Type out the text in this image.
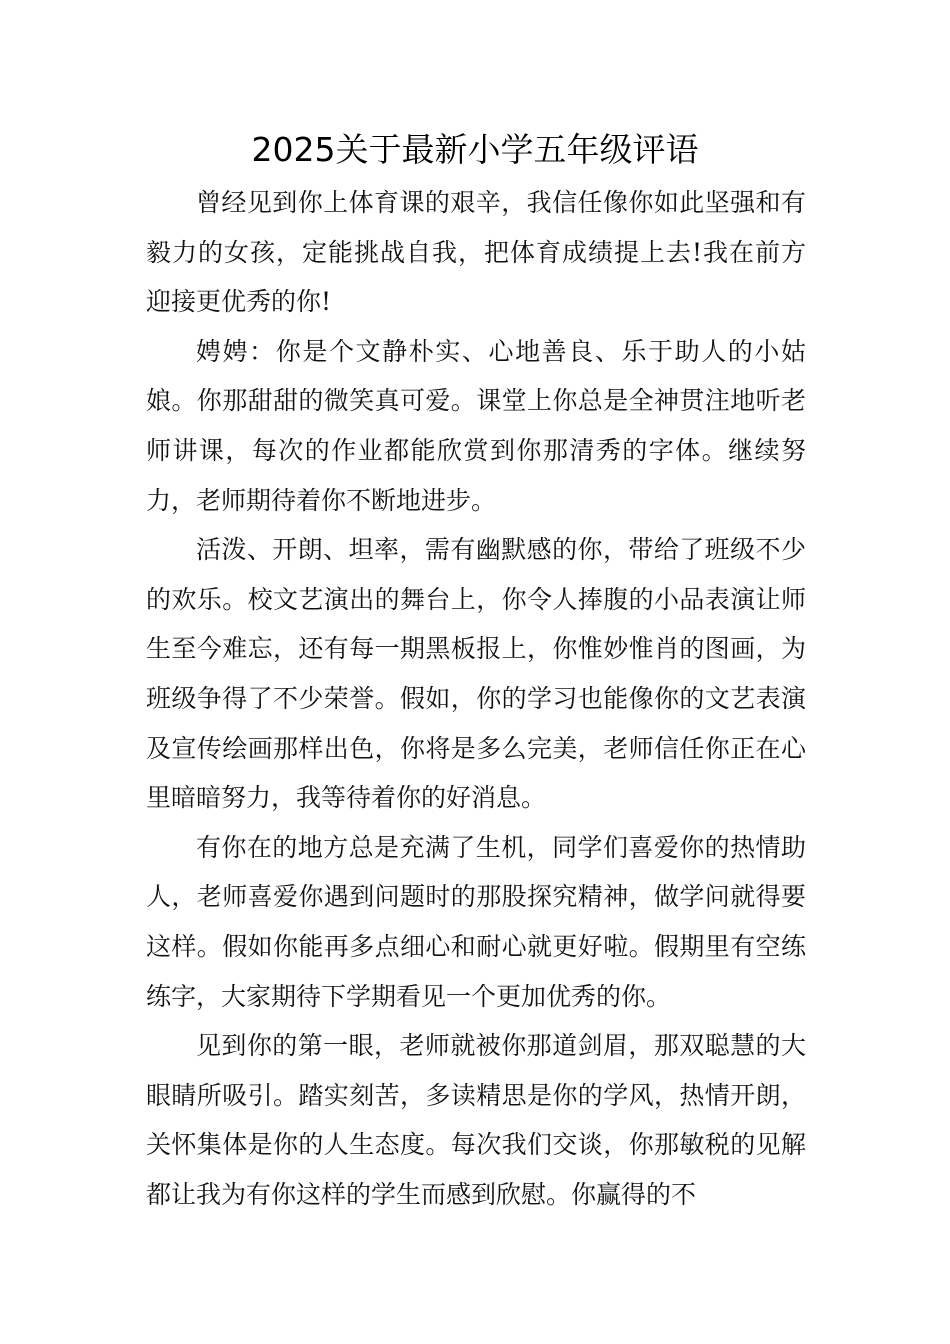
2025关于最新小学五年级评语

曾经见到你上体育课的艰辛，我信任像你如此坚强和有毅力的女孩，定能挑战自我，把体育成绩提上去!我在前方迎接更优秀的你!

娉娉：你是个文静朴实、心地善良、乐于助人的小姑娘。你那甜甜的微笑真可爱。课堂上你总是全神贯注地听老师讲课，每次的作业都能欣赏到你那清秀的字体。继续努力，老师期待着你不断地进步。

活泼、开朗、坦率，需有幽默感的你，带给了班级不少的欢乐。校文艺演出的舞台上，你令人捧腹的小品表演让师生至今难忘，还有每一期黑板报上，你惟妙惟肖的图画，为班级争得了不少荣誉。假如，你的学习也能像你的文艺表演及宣传绘画那样出色，你将是多么完美，老师信任你正在心里暗暗努力，我等待着你的好消息。

有你在的地方总是充满了生机，同学们喜爱你的热情助人，老师喜爱你遇到问题时的那股探究精神，做学问就得要这样。假如你能再多点细心和耐心就更好啦。假期里有空练练字，大家期待下学期看见一个更加优秀的你。

见到你的第一眼，老师就被你那道剑眉，那双聪慧的大眼睛所吸引。踏实刻苦，多读精思是你的学风，热情开朗，关怀集体是你的人生态度。每次我们交谈，你那敏税的见解都让我为有你这样的学生而感到欣慰。你赢得的不
